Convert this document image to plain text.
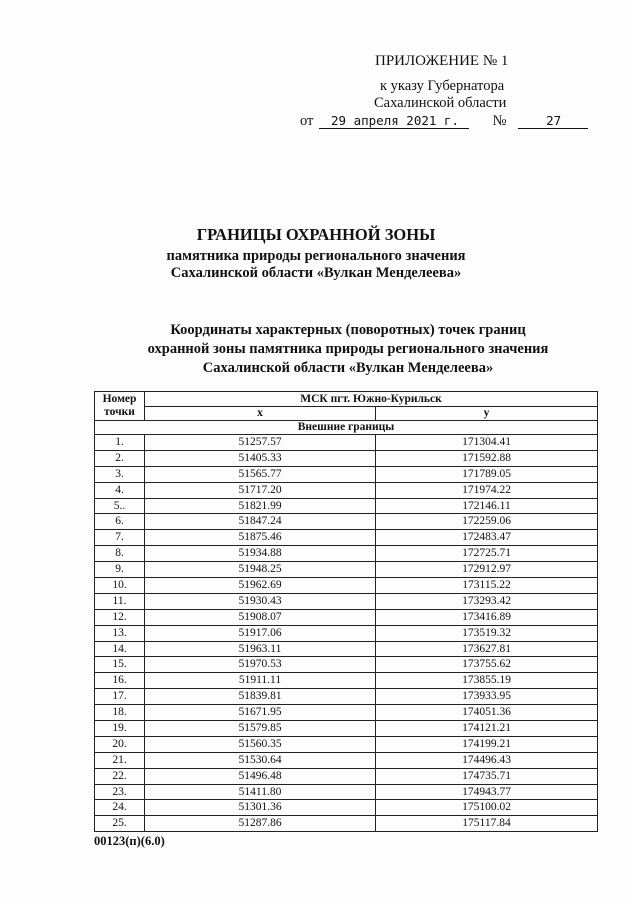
ПРИЛОЖЕНИЕ № 1
к указу Губернатора
Сахалинской области
от 29 апреля 2021 г. №	27
ГРАНИЦЫ ОХРАННОЙ ЗОНЫ
памятника природы регионального значения
Сахалинской области «Вулкан Менделеева»
Координаты характерных (поворотных) точек границ
охранной зоны памятника природы регионального значения
Сахалинской области «Вулкан Менделеева»
Номер
точки	МСК пгт. Южно-Курильск	
	x	y
Внешние границы		
1.	51257.57	171304.41
2.	51405.33	171592.88
3.	51565.77	171789.05
4.	51717.20	171974.22
5..	51821.99	172146.11
6.	51847.24	172259.06
7.	51875.46	172483.47
8.	51934.88	172725.71
9.	51948.25	172912.97
10.	51962.69	173115.22
11.	51930.43	173293.42
12.	51908.07	173416.89
13.	51917.06	173519.32
14.	51963.11	173627.81
15.	51970.53	173755.62
16.	51911.11	173855.19
17.	51839.81	173933.95
18.	51671.95	174051.36
19.	51579.85	174121.21
20.	51560.35	174199.21
21.	51530.64	174496.43
22.	51496.48	174735.71
23.	51411.80	174943.77
24.	51301.36	175100.02
25.	51287.86	175117.84
00123(п)(6.0)
